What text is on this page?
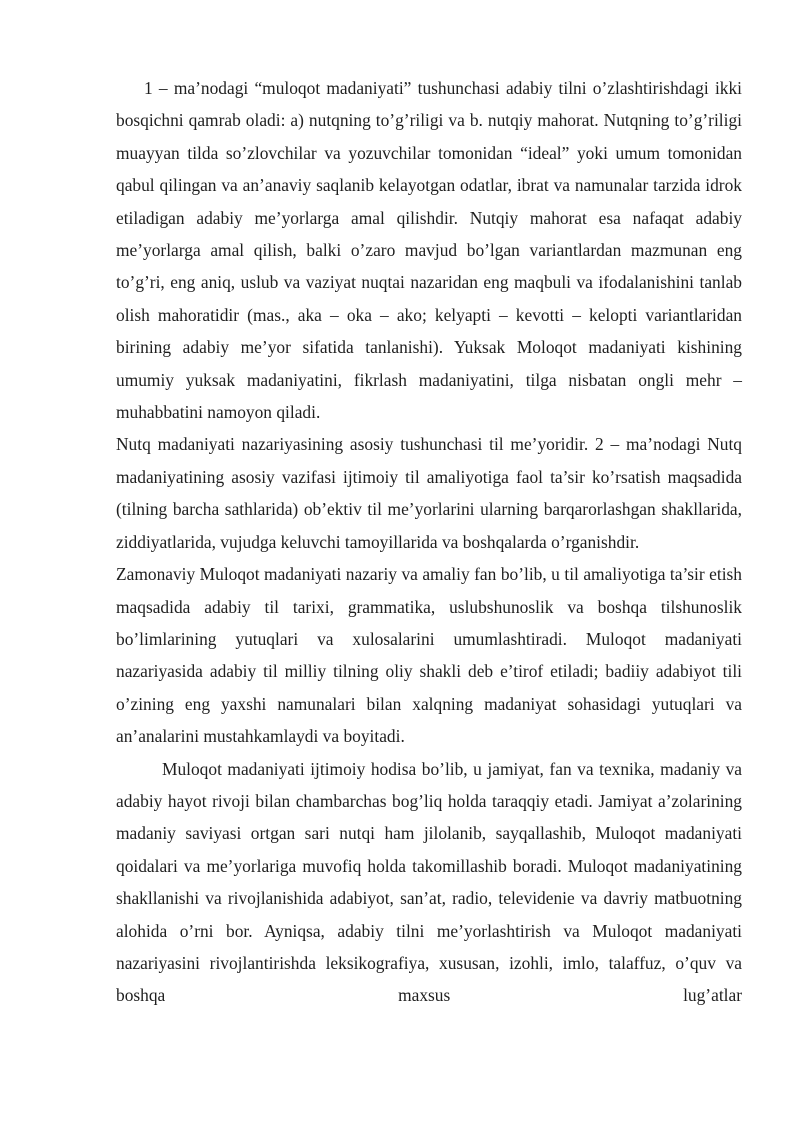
1 – ma’nodagi “muloqot madaniyati” tushunchasi adabiy tilni o’zlashtirishdagi ikki bosqichni qamrab oladi: a) nutqning to’g’riligi va b. nutqiy mahorat. Nutqning to’g’riligi muayyan tilda so’zlovchilar va yozuvchilar tomonidan “ideal” yoki umum tomonidan qabul qilingan va an’anaviy saqlanib kelayotgan odatlar, ibrat va namunalar tarzida idrok etiladigan adabiy me’yorlarga amal qilishdir. Nutqiy mahorat esa nafaqat adabiy me’yorlarga amal qilish, balki o’zaro mavjud bo’lgan variantlardan mazmunan eng to’g’ri, eng aniq, uslub va vaziyat nuqtai nazaridan eng maqbuli va ifodalanishini tanlab olish mahoratidir (mas., aka – oka – ako; kelyapti – kevotti – kelopti variantlaridan birining adabiy me’yor sifatida tanlanishi). Yuksak Moloqot madaniyati kishining umumiy yuksak madaniyatini, fikrlash madaniyatini, tilga nisbatan ongli mehr – muhabbatini namoyon qiladi.

Nutq madaniyati nazariyasining asosiy tushunchasi til me’yoridir. 2 – ma’nodagi Nutq madaniyatining asosiy vazifasi ijtimoiy til amaliyotiga faol ta’sir ko’rsatish maqsadida (tilning barcha sathlarida) ob’ektiv til me’yorlarini ularning barqarorlashgan shakllarida, ziddiyatlarida, vujudga keluvchi tamoyillarida va boshqalarda o’rganishdir.

Zamonaviy Muloqot madaniyati nazariy va amaliy fan bo’lib, u til amaliyotiga ta’sir etish maqsadida adabiy til tarixi, grammatika, uslubshunoslik va boshqa tilshunoslik bo’limlarining yutuqlari va xulosalarini umumlashtiradi. Muloqot madaniyati nazariyasida adabiy til milliy tilning oliy shakli deb e’tirof etiladi; badiiy adabiyot tili o’zining eng yaxshi namunalari bilan xalqning madaniyat sohasidagi yutuqlari va an’analarini mustahkamlaydi va boyitadi.

Muloqot madaniyati ijtimoiy hodisa bo’lib, u jamiyat, fan va texnika, madaniy va adabiy hayot rivoji bilan chambarchas bog’liq holda taraqqiy etadi. Jamiyat a’zolarining madaniy saviyasi ortgan sari nutqi ham jilolanib, sayqallashib, Muloqot madaniyati qoidalari va me’yorlariga muvofiq holda takomillashib boradi. Muloqot madaniyatining shakllanishi va rivojlanishida adabiyot, san’at, radio, televidenie va davriy matbuotning alohida o’rni bor. Ayniqsa, adabiy tilni me’yorlashtirish va Muloqot madaniyati nazariyasini rivojlantirishda leksikografiya, xususan, izohli, imlo, talaffuz, o’quv va boshqa maxsus lug’atlar
